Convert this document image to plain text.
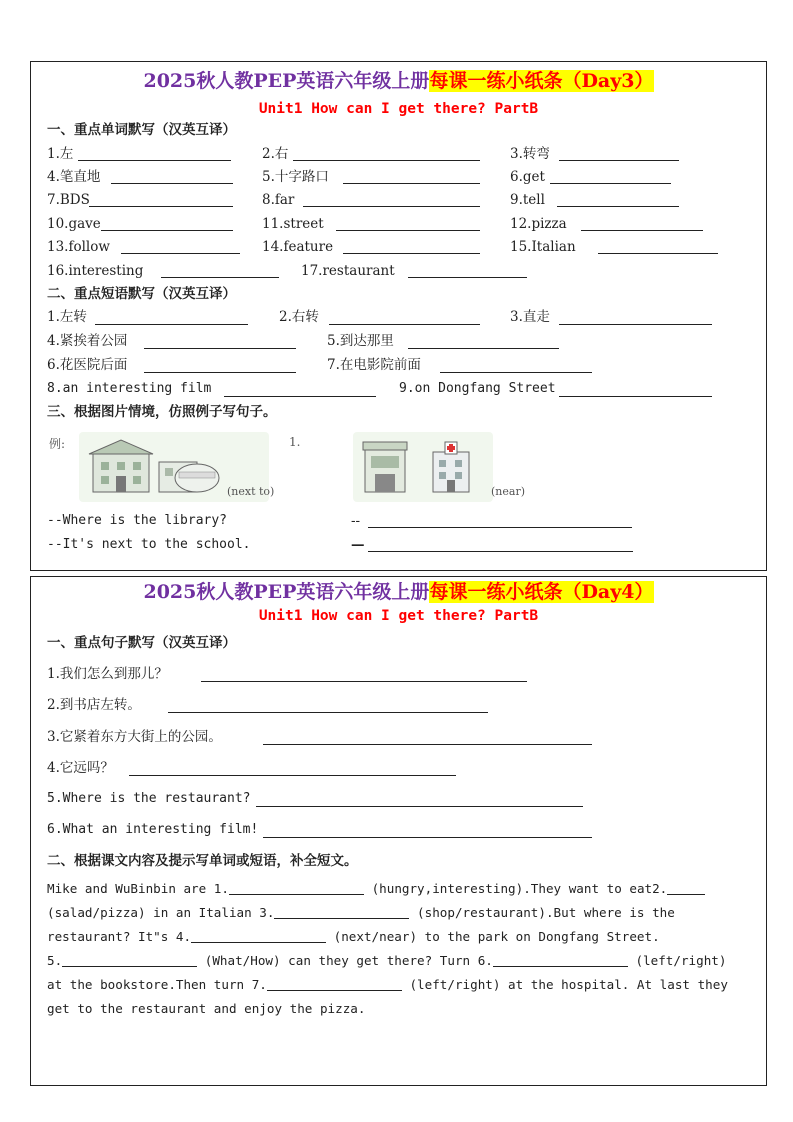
2025秋人教PEP英语六年级上册每课一练小纸条（Day3）
Unit1 How can I get there? PartB
一、重点单词默写（汉英互译）
1.左	2.右	3.转弯
4.笔直地	5.十字路口	6.get
7.BDS	8.far	9.tell
10.gave	11.street	12.pizza
13.follow	14.feature	15.Italian
16.interesting	17.restaurant
二、重点短语默写（汉英互译）
1.左转	2.右转	3.直走
4.紧挨着公园	5.到达那里
6.花医院后面	7.在电影院前面
8.an interesting film	9.on Dongfang Street
三、根据图片情境，仿照例子写句子。
例:
(next to)
1.
(near)
--Where is the library?
--It's next to the school.
--
—
2025秋人教PEP英语六年级上册每课一练小纸条（Day4）
Unit1 How can I get there? PartB
一、重点句子默写（汉英互译）
1.我们怎么到那儿？
2.到书店左转。
3.它紧着东方大街上的公园。
4.它远吗？
5.Where is the restaurant?
6.What an interesting film!
二、根据课文内容及提示写单词或短语，补全短文。
Mike and WuBinbin are 1.	(hungry,interesting).They want to eat2.
(salad/pizza) in an Italian 3.	(shop/restaurant).But where is the
restaurant? It"s 4.	(next/near) to the park on Dongfang Street.
5.	(What/How) can they get there? Turn 6.	(left/right)
at the bookstore.Then turn 7.	(left/right) at the hospital. At last they
get to the restaurant and enjoy the pizza.
